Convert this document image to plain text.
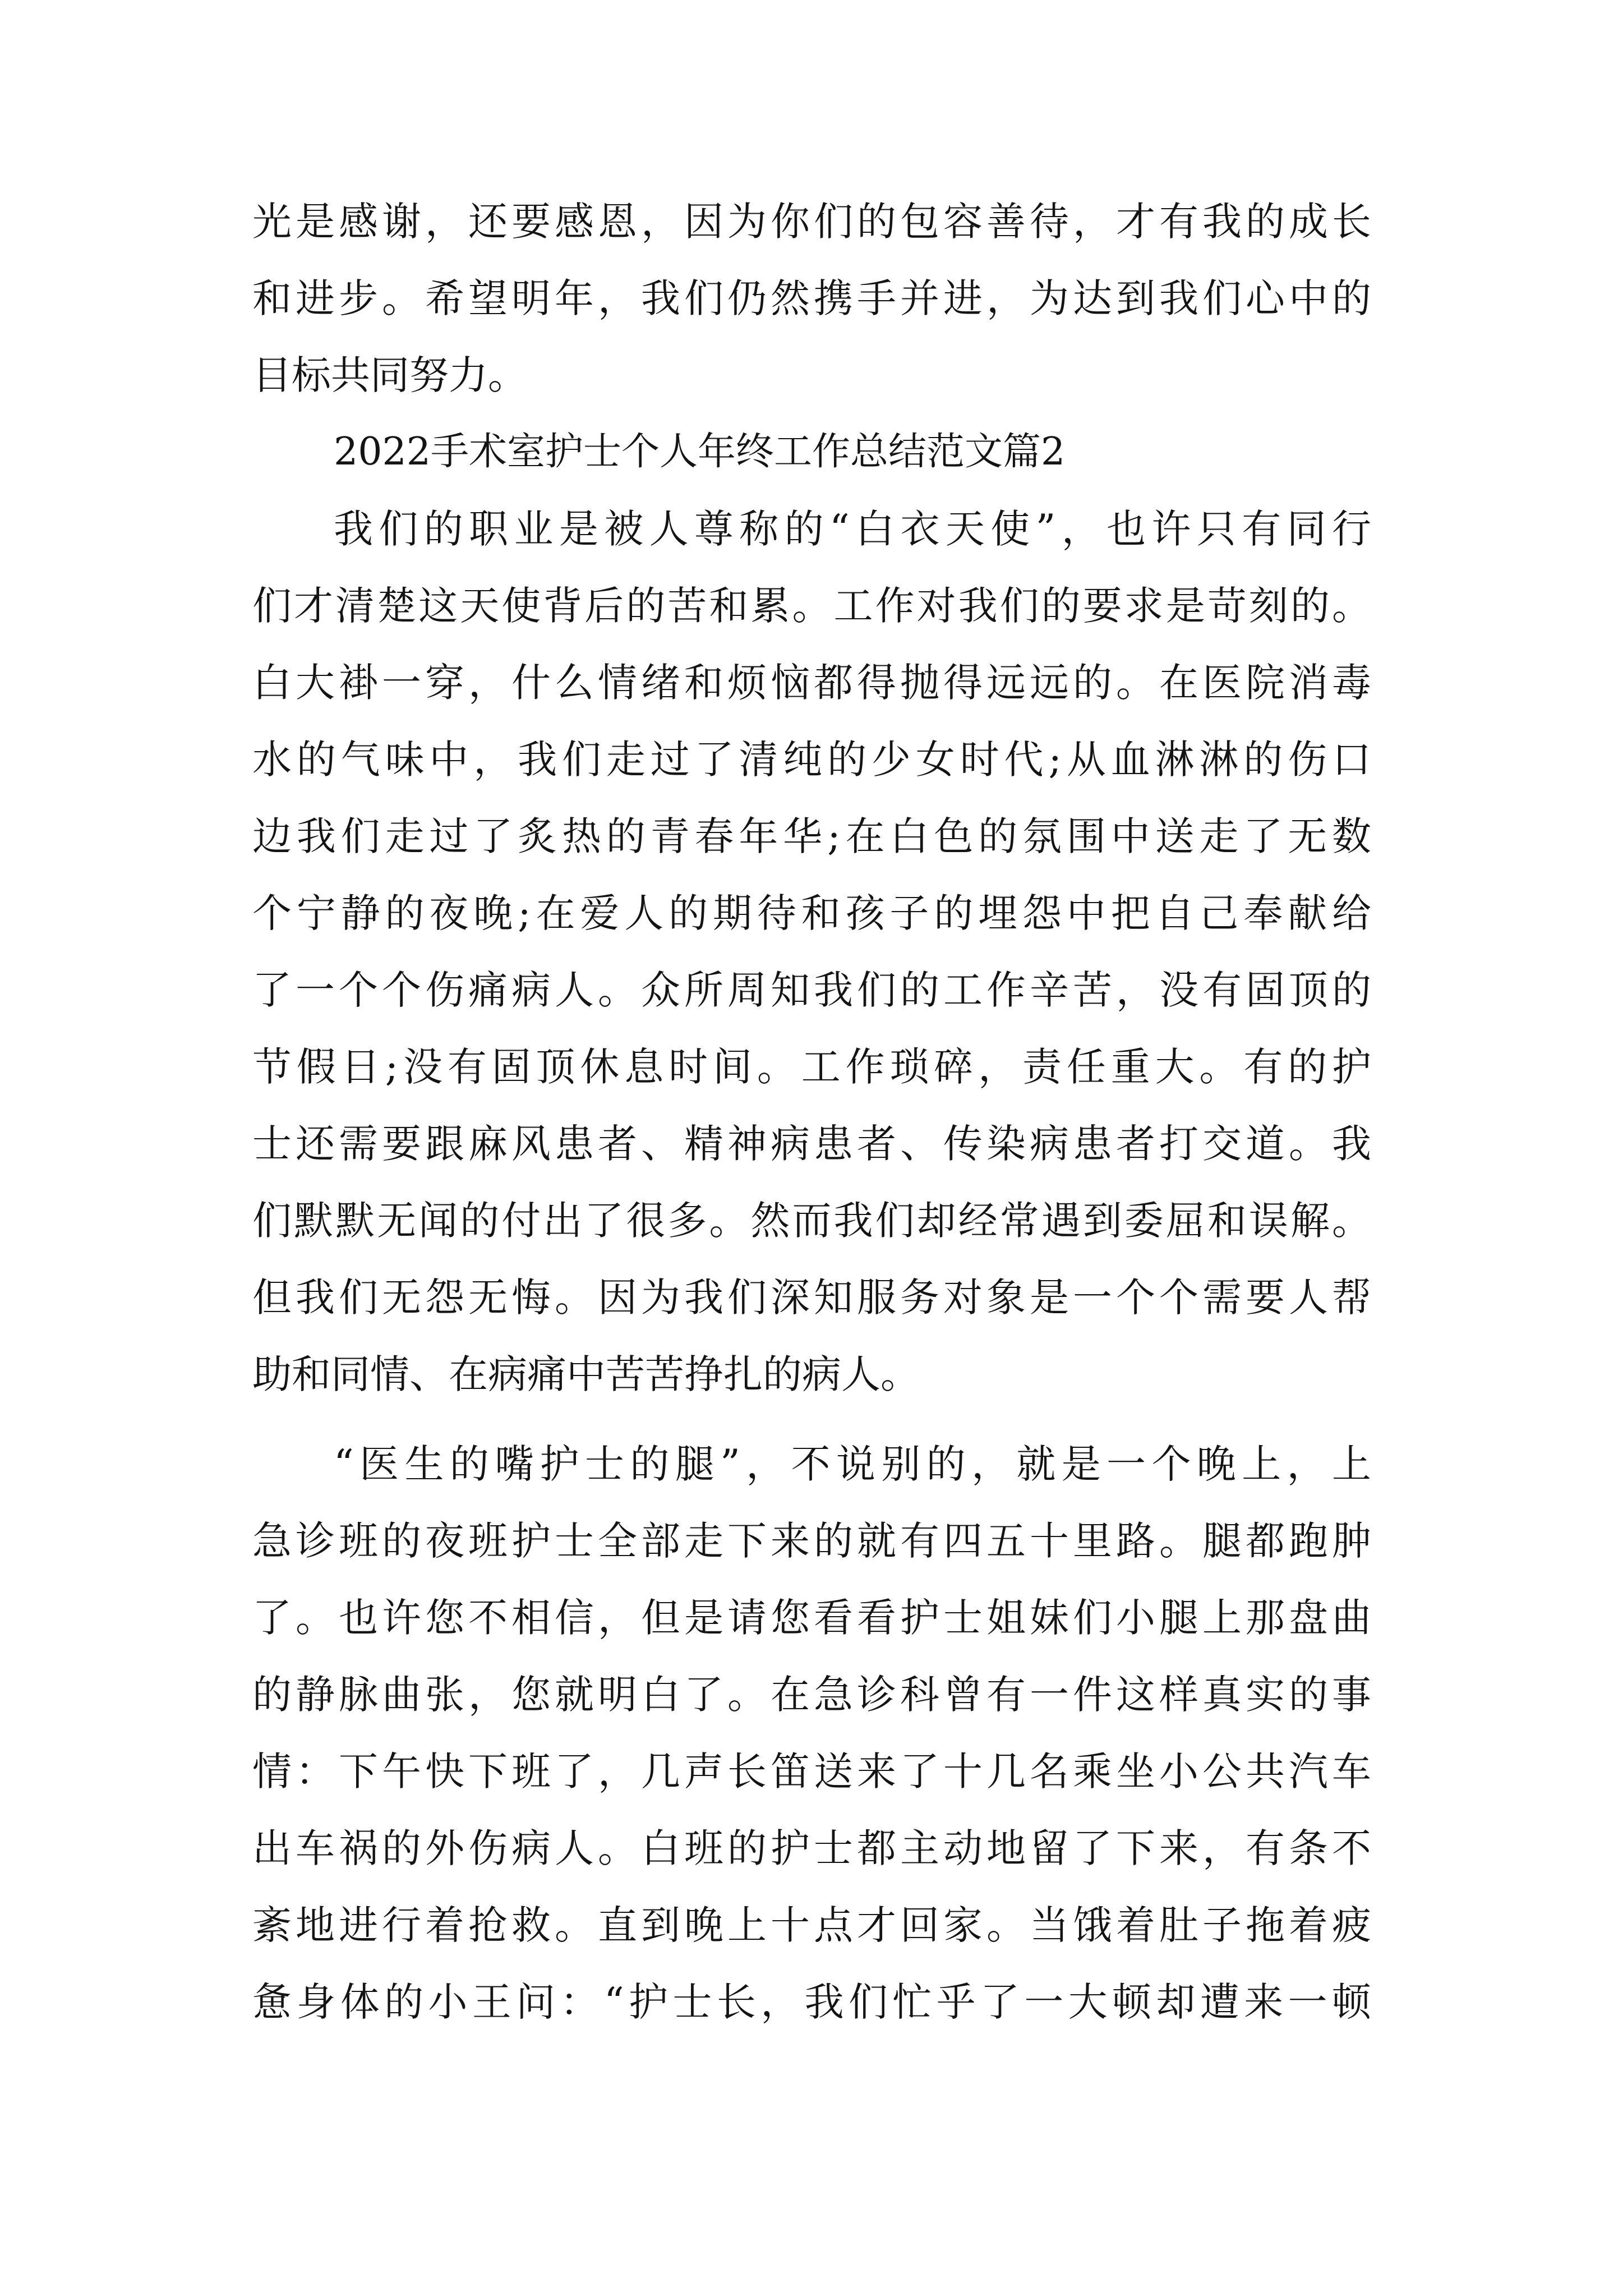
光是感谢，还要感恩，因为你们的包容善待，才有我的成长

和进步。希望明年，我们仍然携手并进，为达到我们心中的

目标共同努力。

2022手术室护士个人年终工作总结范文篇2

我们的职业是被人尊称的“白衣天使”，也许只有同行

们才清楚这天使背后的苦和累。工作对我们的要求是苛刻的。

白大褂一穿，什么情绪和烦恼都得抛得远远的。在医院消毒

水的气味中，我们走过了清纯的少女时代;从血淋淋的伤口

边我们走过了炙热的青春年华;在白色的氛围中送走了无数

个宁静的夜晚;在爱人的期待和孩子的埋怨中把自己奉献给

了一个个伤痛病人。众所周知我们的工作辛苦，没有固顶的

节假日;没有固顶休息时间。工作琐碎，责任重大。有的护

士还需要跟麻风患者、精神病患者、传染病患者打交道。我

们默默无闻的付出了很多。然而我们却经常遇到委屈和误解。

但我们无怨无悔。因为我们深知服务对象是一个个需要人帮

助和同情、在病痛中苦苦挣扎的病人。

“医生的嘴护士的腿”，不说别的，就是一个晚上，上

急诊班的夜班护士全部走下来的就有四五十里路。腿都跑肿

了。也许您不相信，但是请您看看护士姐妹们小腿上那盘曲

的静脉曲张，您就明白了。在急诊科曾有一件这样真实的事

情：下午快下班了，几声长笛送来了十几名乘坐小公共汽车

出车祸的外伤病人。白班的护士都主动地留了下来，有条不

紊地进行着抢救。直到晚上十点才回家。当饿着肚子拖着疲

惫身体的小王问：“护士长，我们忙乎了一大顿却遭来一顿
